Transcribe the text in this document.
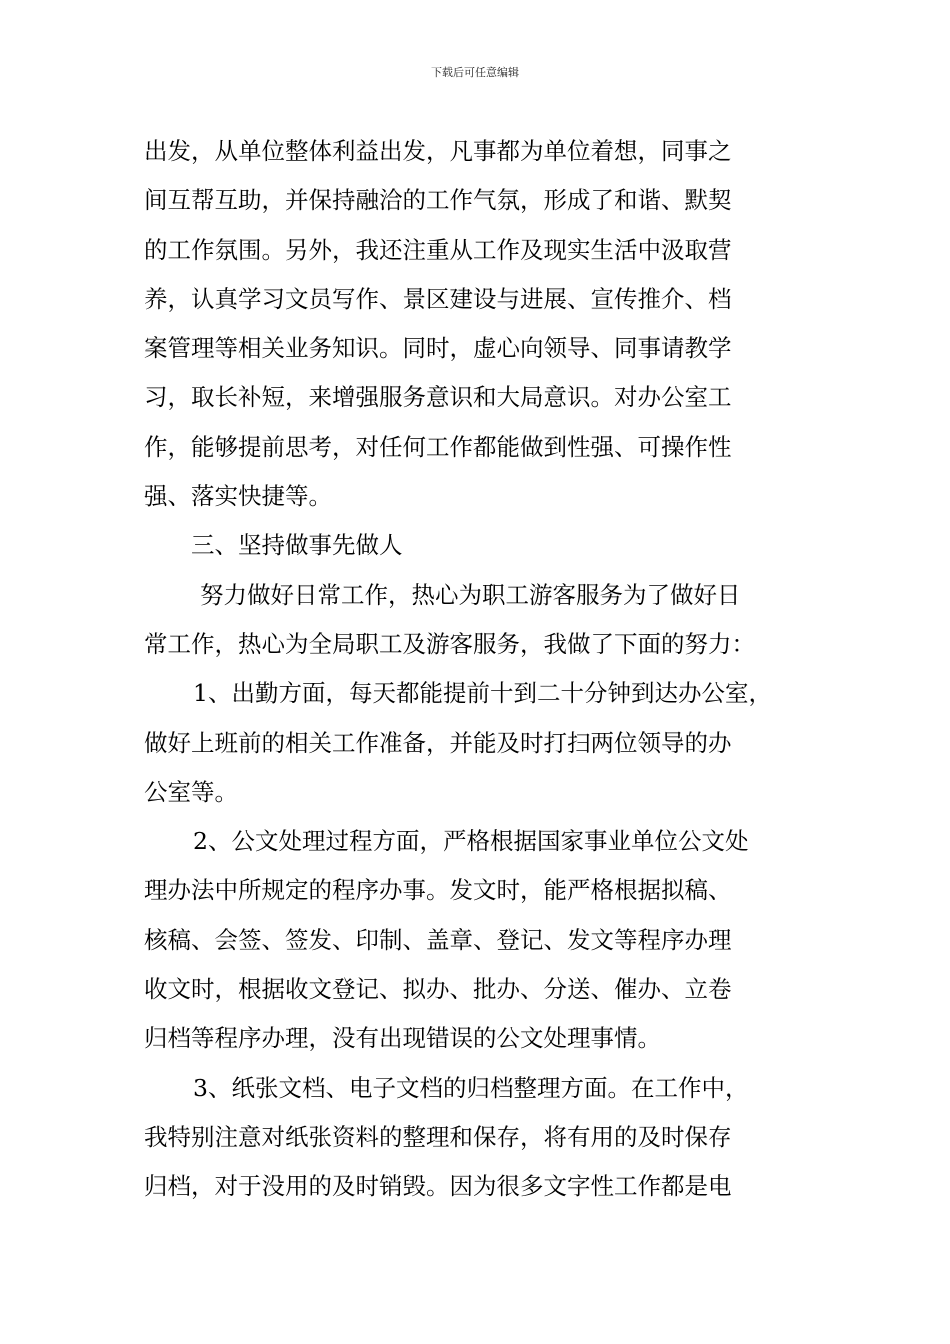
下载后可任意编辑
出发，从单位整体利益出发，凡事都为单位着想，同事之
间互帮互助，并保持融洽的工作气氛，形成了和谐、默契
的工作氛围。另外，我还注重从工作及现实生活中汲取营
养，认真学习文员写作、景区建设与进展、宣传推介、档
案管理等相关业务知识。同时，虚心向领导、同事请教学
习，取长补短，来增强服务意识和大局意识。对办公室工
作，能够提前思考，对任何工作都能做到性强、可操作性
强、落实快捷等。
三、坚持做事先做人
努力做好日常工作，热心为职工游客服务为了做好日
常工作，热心为全局职工及游客服务，我做了下面的努力：
1、出勤方面，每天都能提前十到二十分钟到达办公室，
做好上班前的相关工作准备，并能及时打扫两位领导的办
公室等。
2、公文处理过程方面，严格根据国家事业单位公文处
理办法中所规定的程序办事。发文时，能严格根据拟稿、
核稿、会签、签发、印制、盖章、登记、发文等程序办理
收文时，根据收文登记、拟办、批办、分送、催办、立卷
归档等程序办理，没有出现错误的公文处理事情。
3、纸张文档、电子文档的归档整理方面。在工作中，
我特别注意对纸张资料的整理和保存，将有用的及时保存
归档，对于没用的及时销毁。因为很多文字性工作都是电
